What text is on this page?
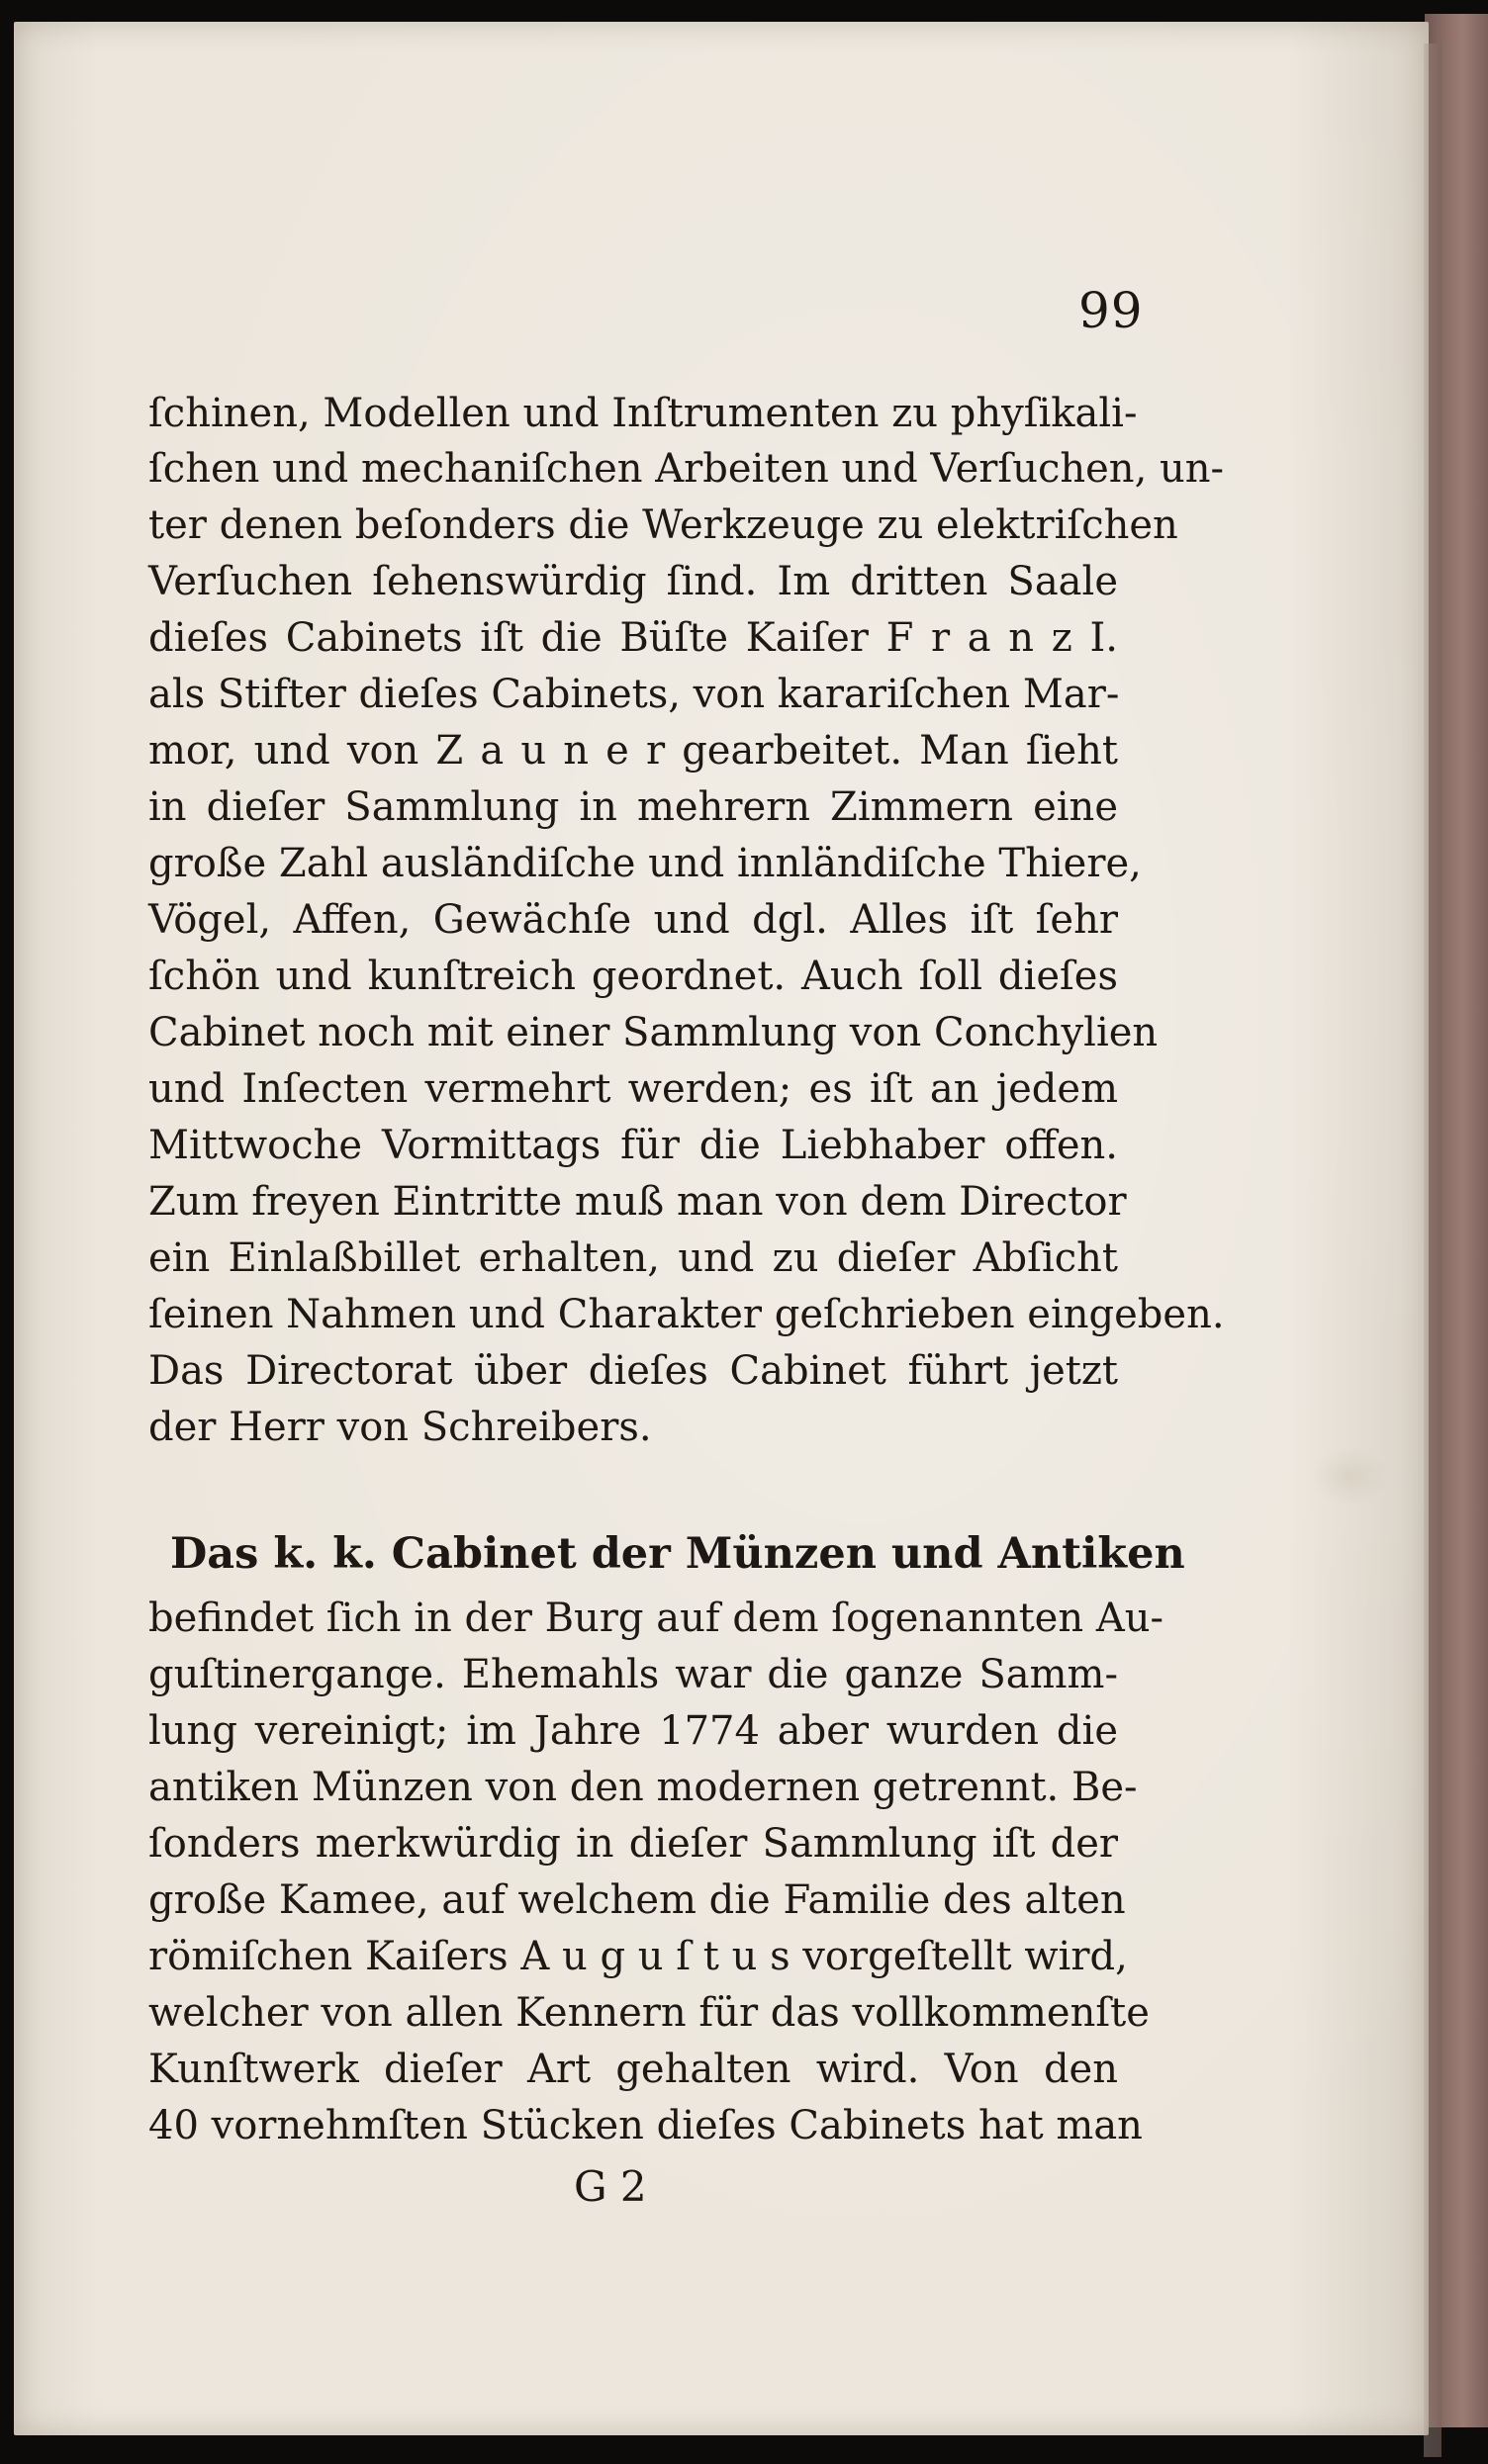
99
ſchinen, Modellen und Inſtrumenten zu phyſikali-
ſchen und mechaniſchen Arbeiten und Verſuchen, un-
ter denen beſonders die Werkzeuge zu elektriſchen
Verſuchen ſehenswürdig ſind. Im dritten Saale
dieſes Cabinets iſt die Büſte Kaiſer F r a n z I.
als Stifter dieſes Cabinets, von karariſchen Mar-
mor, und von Z a u n e r gearbeitet. Man ſieht
in dieſer Sammlung in mehrern Zimmern eine
große Zahl ausländiſche und innländiſche Thiere,
Vögel, Affen, Gewächſe und dgl. Alles iſt ſehr
ſchön und kunſtreich geordnet. Auch ſoll dieſes
Cabinet noch mit einer Sammlung von Conchylien
und Inſecten vermehrt werden; es iſt an jedem
Mittwoche Vormittags für die Liebhaber offen.
Zum freyen Eintritte muß man von dem Director
ein Einlaßbillet erhalten, und zu dieſer Abſicht
ſeinen Nahmen und Charakter geſchrieben eingeben.
Das Directorat über dieſes Cabinet führt jetzt
der Herr von Schreibers.
Das k. k. Cabinet der Münzen und Antiken
befindet ſich in der Burg auf dem ſogenannten Au-
guſtinergange. Ehemahls war die ganze Samm-
lung vereinigt; im Jahre 1774 aber wurden die
antiken Münzen von den modernen getrennt. Be-
ſonders merkwürdig in dieſer Sammlung iſt der
große Kamee, auf welchem die Familie des alten
römiſchen Kaiſers A u g u ſ t u s vorgeſtellt wird,
welcher von allen Kennern für das vollkommenſte
Kunſtwerk dieſer Art gehalten wird. Von den
40 vornehmſten Stücken dieſes Cabinets hat man
G 2
